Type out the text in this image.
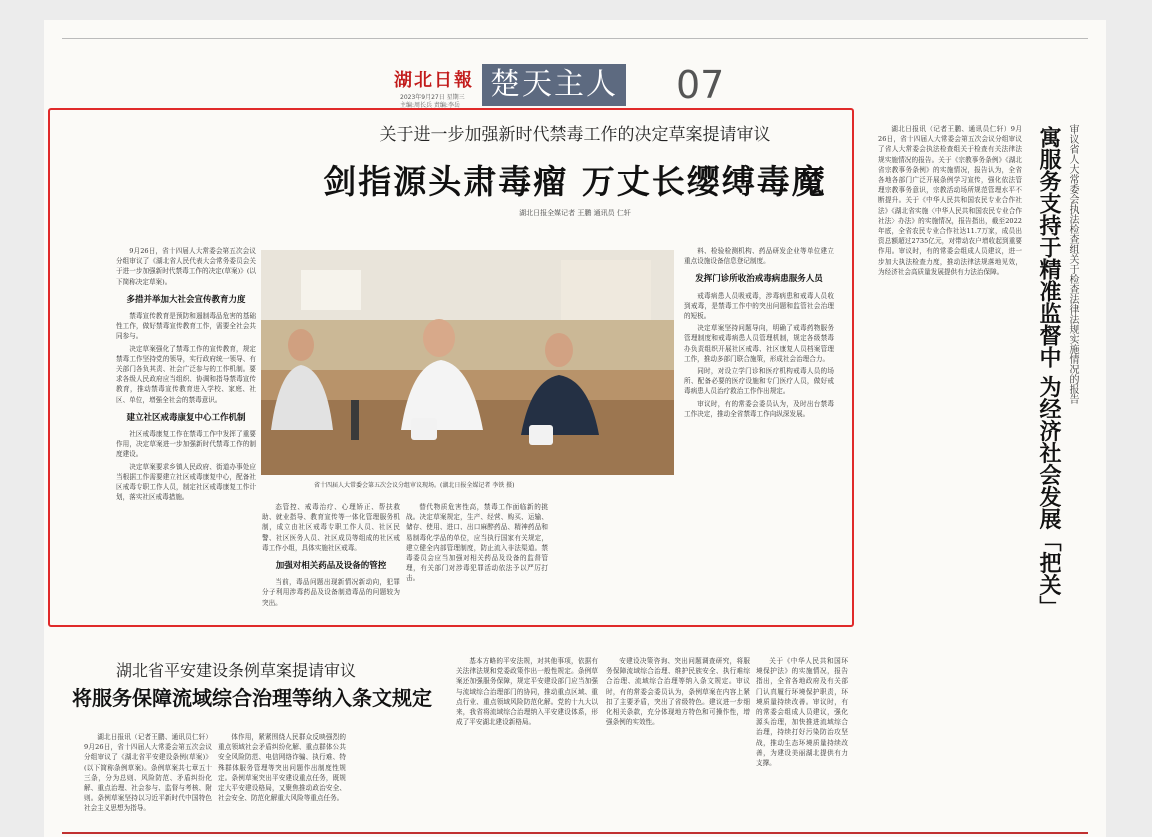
湖北日報
2023年9月27日 星期三
主编:周长兵 责编:李岳
楚天主人 07
关于进一步加强新时代禁毒工作的决定草案提请审议
剑指源头肃毒瘤 万丈长缨缚毒魔
湖北日报全媒记者 王鹏 通讯员 仁轩

9月26日，省十四届人大常委会第五次会议分组审议了《湖北省人民代表大会常务委员会关于进一步加强新时代禁毒工作的决定(草案)》(以下简称决定草案)。

多措并举加大社会宣传教育力度

禁毒宣传教育是预防和遏制毒品危害的基础性工作，做好禁毒宣传教育工作，需要全社会共同参与。

决定草案强化了禁毒工作的宣传教育，规定禁毒工作坚持党的领导，实行政府统一领导、有关部门各负其责、社会广泛参与的工作机制。要求各级人民政府应当组织、协调和指导禁毒宣传教育，推动禁毒宣传教育进入学校、家庭、社区、单位，增强全社会的禁毒意识。

建立社区戒毒康复中心工作机制

社区戒毒康复工作在禁毒工作中发挥了重要作用，决定草案进一步加强新时代禁毒工作的制度建设。

决定草案要求乡镇人民政府、街道办事处应当根据工作需要建立社区戒毒康复中心，配备社区戒毒专职工作人员，制定社区戒毒康复工作计划，落实社区戒毒措施。

省十四届人大常委会第五次会议分组审议现场。(湖北日报全媒记者 李铁 摄)

态管控、戒毒治疗、心理矫正、帮扶救助、就业指导、教育宣传等一体化管理服务机制，成立由社区戒毒专职工作人员、社区民警、社区医务人员、社区成员等组成的社区戒毒工作小组，具体实施社区戒毒。

加强对相关药品及设备的管控

当前，毒品问题出现新情况新动向，犯罪分子利用涉毒药品及设备制造毒品的问题较为突出。

替代物质危害性高，禁毒工作面临新的挑战。决定草案规定，生产、经营、购买、运输、储存、使用、进口、出口麻醉药品、精神药品和易制毒化学品的单位，应当执行国家有关规定，建立健全内部管理制度，防止流入非法渠道。禁毒委员会应当加强对相关药品及设备的监督管理，有关部门对涉毒犯罪活动依法予以严厉打击。

料、检验检测机构、药品研发企业等单位建立重点设施设备信息登记制度。

发挥门诊所收治戒毒病患服务人员

戒毒病患人员吸戒毒，涉毒病患和戒毒人员收到戒毒，是禁毒工作中的突出问题和监管社会治理的短板。

决定草案坚持问题导向，明确了戒毒药物服务管理制度和戒毒病患人员管理机制，规定各级禁毒办负责组织开展社区戒毒、社区康复人员档案管理工作，推动多部门联合施策，形成社会治理合力。

同时，对设立学门诊和医疗机构戒毒人员的场所、配备必要的医疗设施和专门医疗人员，做好戒毒病患人员治疗救治工作作出规定。

审议时，有的常委会委员认为，及时出台禁毒工作决定，推动全省禁毒工作向纵深发展。

湖北日报讯（记者王鹏、通讯员仁轩）9月26日，省十四届人大常委会第五次会议分组审议了省人大常委会执法检查组关于检查有关法律法规实施情况的报告。关于《宗教事务条例》《湖北省宗教事务条例》的实施情况，报告认为，全省各地各部门广泛开展条例学习宣传，强化依法管理宗教事务意识，宗教活动场所规范管理水平不断提升。关于《中华人民共和国农民专业合作社法》《湖北省实施〈中华人民共和国农民专业合作社法〉办法》的实施情况，报告指出，截至2022年底，全省农民专业合作社达11.7万家，成员出资总额超过2735亿元，对带动农户增收起到重要作用。审议时，有的常委会组成人员建议，进一步加大执法检查力度，推动法律法规落地见效，为经济社会高质量发展提供有力法治保障。	寓服务支持于精准监督中 为经济社会发展「把关」 审议省人大常委会执法检查组关于检查法律法规实施情况的报告
湖北省平安建设条例草案提请审议
将服务保障流域综合治理等纳入条文规定

湖北日报讯（记者王鹏、通讯员仁轩）9月26日，省十四届人大常委会第五次会议分组审议了《湖北省平安建设条例(草案)》(以下简称条例草案)。条例草案共七章五十三条，分为总则、风险防范、矛盾纠纷化解、重点治理、社会参与、监督与考核、附则。条例草案坚持以习近平新时代中国特色社会主义思想为指导。

体作用，紧紧围绕人民群众反映强烈的重点领域社会矛盾纠纷化解、重点群体公共安全风险防范、电信网络诈骗、执行难、特殊群体服务管理等突出问题作出制度性规定。条例草案突出平安建设重点任务，既规定大平安建设格局，又聚焦推动政治安全、社会安全、防范化解重大风险等重点任务。

基本方略的平安法规，对其他事项，依据有关法律法规和党委政策作出一般性规定。条例草案还加强服务保障，规定平安建设部门应当加强与流域综合治理部门的协同，推动重点区域、重点行业、重点领域风险防范化解。党的十九大以来，我省将流域综合治理纳入平安建设体系，形成了平安湖北建设新格局。

安建设决策咨询、突出问题调查研究，将服务保障流域综合治理、维护民族安全、执行难综合治理、流域综合治理等纳入条文规定。审议时，有的常委会委员认为，条例草案在内容上紧扣了主要矛盾，突出了省级特色。建议进一步细化相关条款，充分体现地方特色和可操作性，增强条例的实效性。

关于《中华人民共和国环境保护法》的实施情况，报告指出，全省各地政府及有关部门认真履行环境保护职责，环境质量持续改善。审议时，有的常委会组成人员建议，强化源头治理，加快推进流域综合治理，持续打好污染防治攻坚战，推动生态环境质量持续改善，为建设美丽湖北提供有力支撑。
